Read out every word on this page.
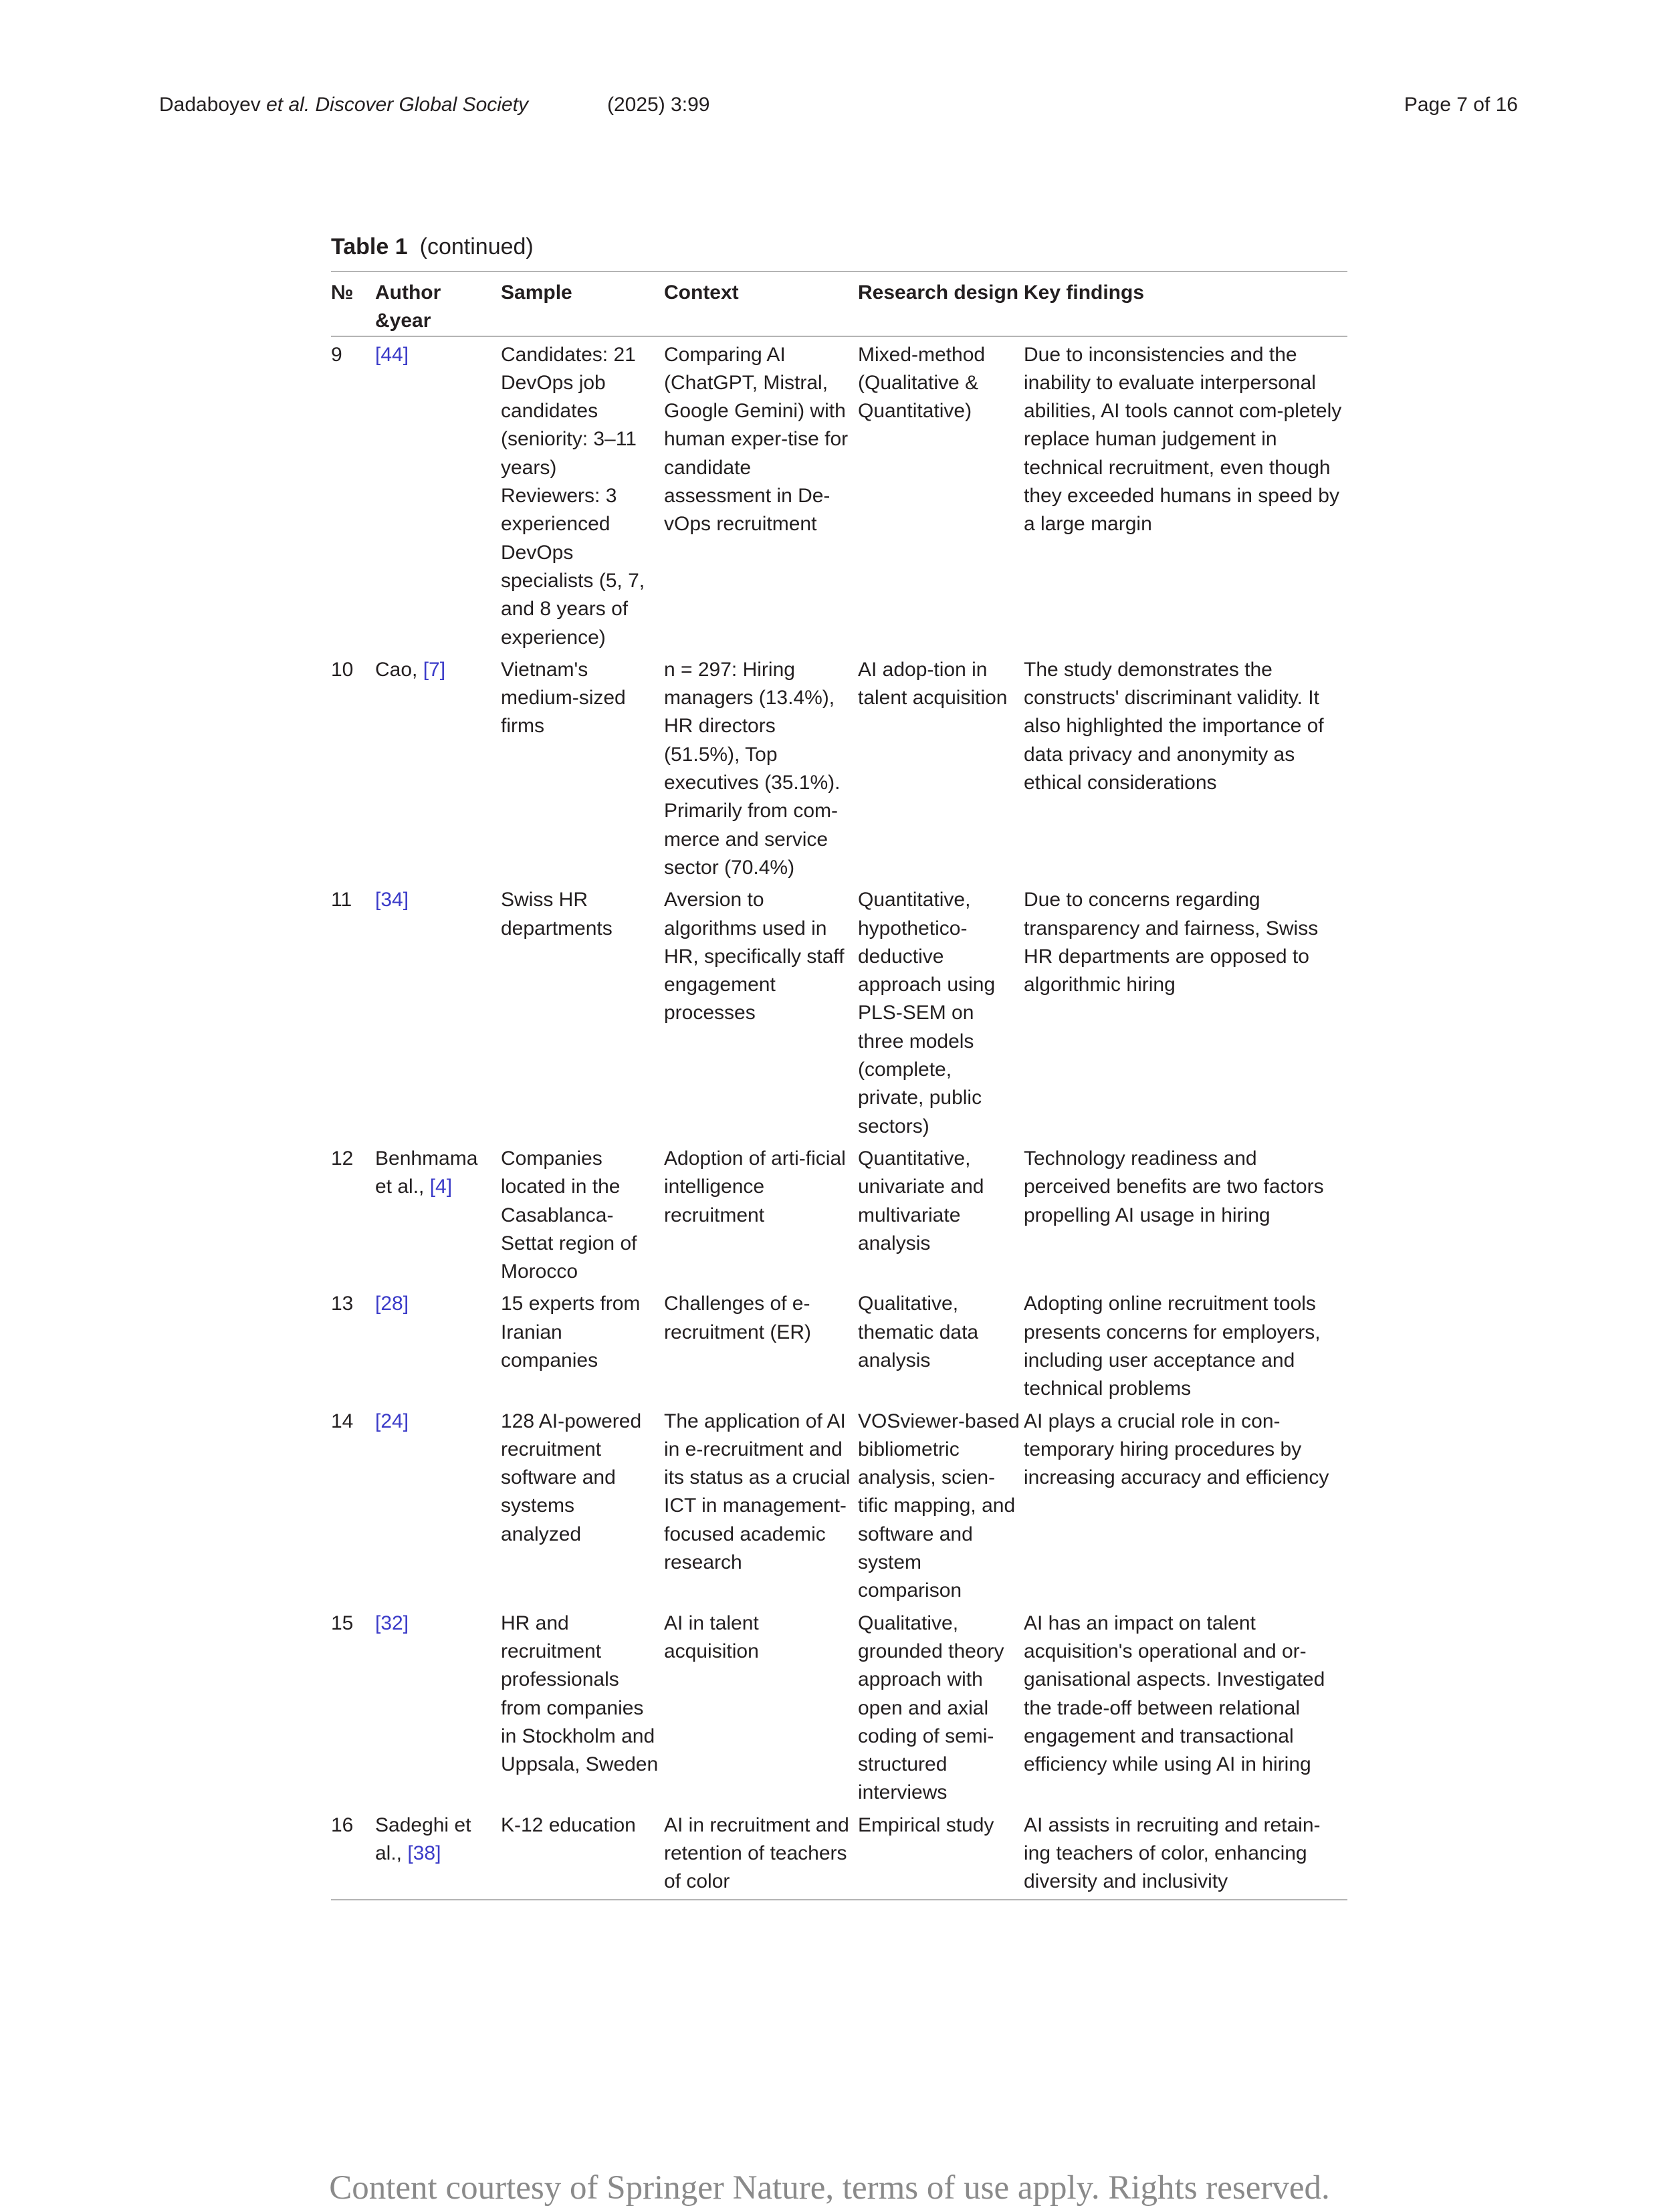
Dadaboyev et al. Discover Global Society	(2025) 3:99	Page 7 of 16
Table 1 (continued)
№	Author &year	Sample	Context	Research design	Key findings
9	[44]	Candidates: 21 DevOps job candidates (seniority: 3–11 years) Reviewers: 3 experienced DevOps specialists (5, 7, and 8 years of experience)	Comparing AI (ChatGPT, Mistral, Google Gemini) with human exper-tise for candidate assessment in De-vOps recruitment	Mixed-method (Qualitative & Quantitative)	Due to inconsistencies and the inability to evaluate interpersonal abilities, AI tools cannot com-pletely replace human judgement in technical recruitment, even though they exceeded humans in speed by a large margin
10	Cao, [7]	Vietnam's medium-sized firms	n = 297: Hiring managers (13.4%), HR directors (51.5%), Top executives (35.1%). Primarily from com-merce and service sector (70.4%)	AI adop-tion in talent acquisition	The study demonstrates the constructs' discriminant validity. It also highlighted the importance of data privacy and anonymity as ethical considerations
11	[34]	Swiss HR departments	Aversion to algorithms used in HR, specifically staff engagement processes	Quantitative, hypothetico-deductive approach using PLS-SEM on three models (complete, private, public sectors)	Due to concerns regarding transparency and fairness, Swiss HR departments are opposed to algorithmic hiring
12	Benhmama et al., [4]	Companies located in the Casablanca-Settat region of Morocco	Adoption of arti-ficial intelligence recruitment	Quantitative, univariate and multivariate analysis	Technology readiness and perceived benefits are two factors propelling AI usage in hiring
13	[28]	15 experts from Iranian companies	Challenges of e-recruitment (ER)	Qualitative, thematic data analysis	Adopting online recruitment tools presents concerns for employers, including user acceptance and technical problems
14	[24]	128 AI-powered recruitment software and systems analyzed	The application of AI in e-recruitment and its status as a crucial ICT in management-focused academic research	VOSviewer-based bibliometric analysis, scien-tific mapping, and software and system comparison	AI plays a crucial role in con-temporary hiring procedures by increasing accuracy and efficiency
15	[32]	HR and recruitment professionals from companies in Stockholm and Uppsala, Sweden	AI in talent acquisition	Qualitative, grounded theory approach with open and axial coding of semi-structured interviews	AI has an impact on talent acquisition's operational and or-ganisational aspects. Investigated the trade-off between relational engagement and transactional efficiency while using AI in hiring
16	Sadeghi et al., [38]	K-12 education	AI in recruitment and retention of teachers of color	Empirical study	AI assists in recruiting and retain-ing teachers of color, enhancing diversity and inclusivity
Content courtesy of Springer Nature, terms of use apply. Rights reserved.
